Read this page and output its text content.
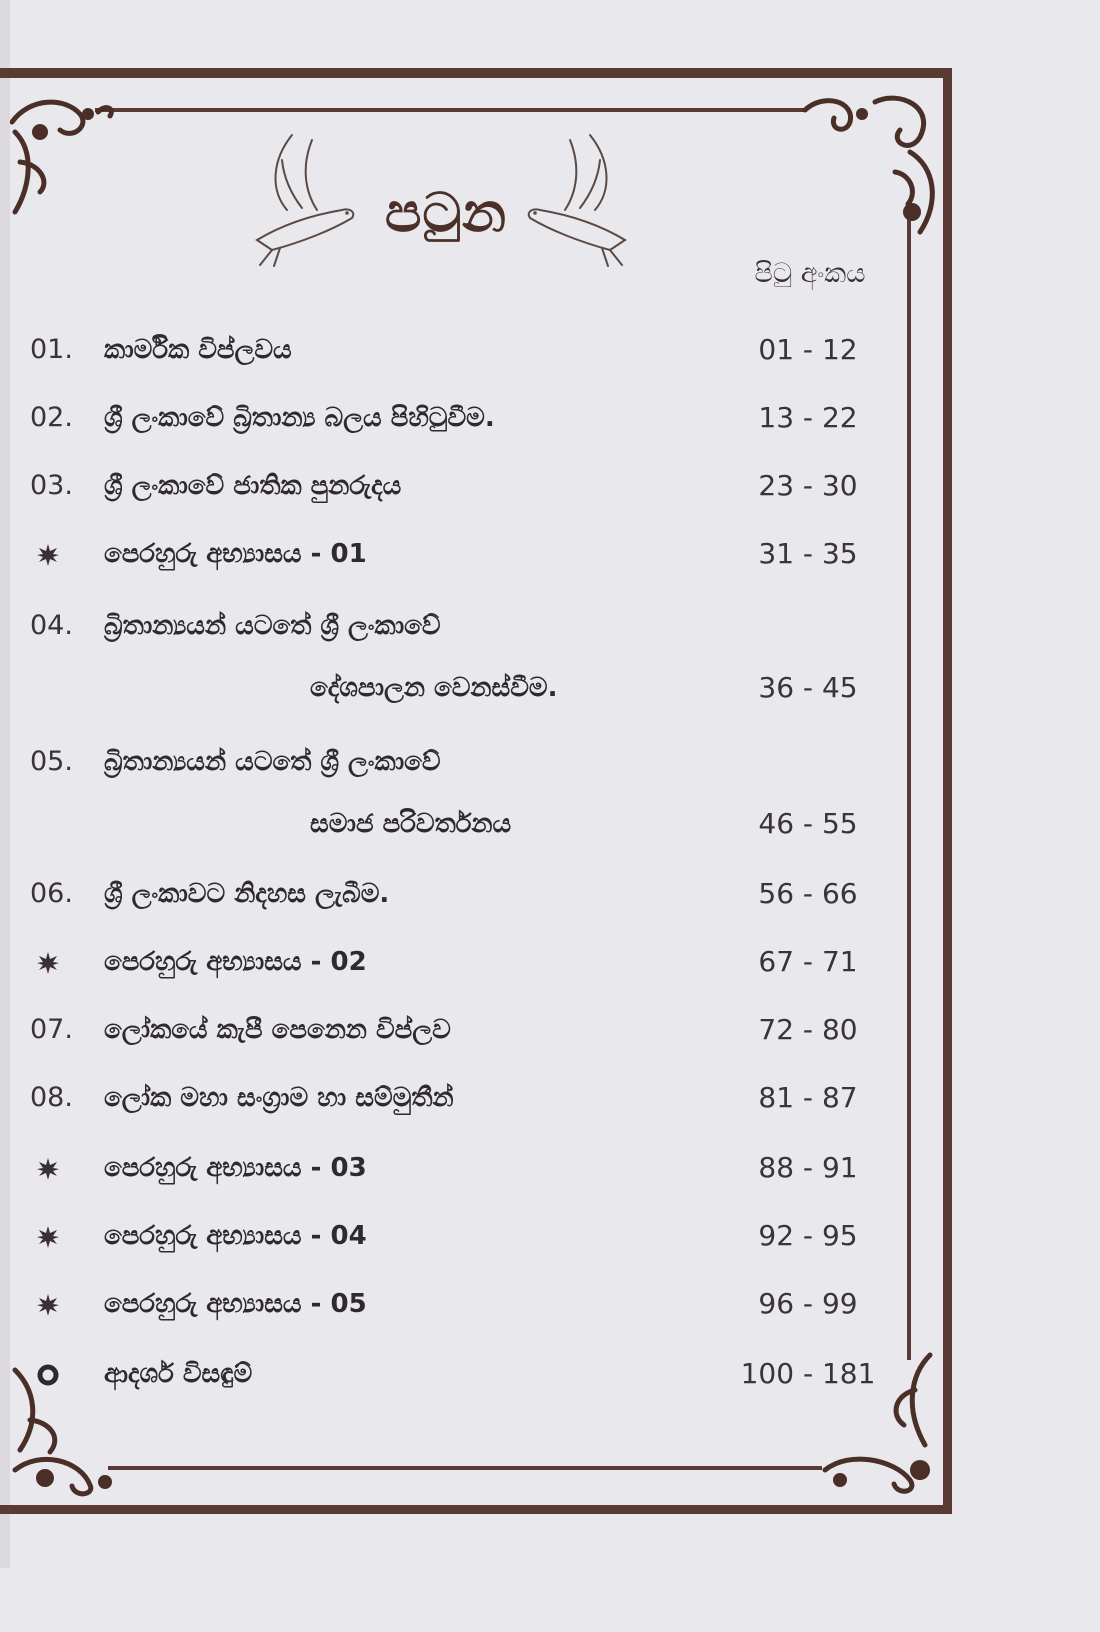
පටුන
පිටු අංකය
01.	කාර්මික විප්ලවය	01 - 12
02.	ශ්‍රී ලංකාවේ බ්‍රිතාන්‍ය බලය පිහිටුවීම.	13 - 22
03.	ශ්‍රී ලංකාවේ ජාතික පුනරුදය	23 - 30
පෙරහුරු අභ්‍යාසය - 01	31 - 35
04.	බ්‍රිතාන්‍යයන් යටතේ ශ්‍රී ලංකාවේ
දේශපාලන වෙනස්වීම.	36 - 45
05.	බ්‍රිතාන්‍යයන් යටතේ ශ්‍රී ලංකාවේ
සමාජ පරිවර්තනය	46 - 55
06.	ශ්‍රී ලංකාවට නිදහස ලැබීම.	56 - 66
පෙරහුරු අභ්‍යාසය - 02	67 - 71
07.	ලෝකයේ කැපී පෙනෙන විප්ලව	72 - 80
08.	ලෝක මහා සංග්‍රාම හා සම්මුතීන්	81 - 87
පෙරහුරු අභ්‍යාසය - 03	88 - 91
පෙරහුරු අභ්‍යාසය - 04	92 - 95
පෙරහුරු අභ්‍යාසය - 05	96 - 99
ආදර්ශ විසඳුම්	100 - 181
